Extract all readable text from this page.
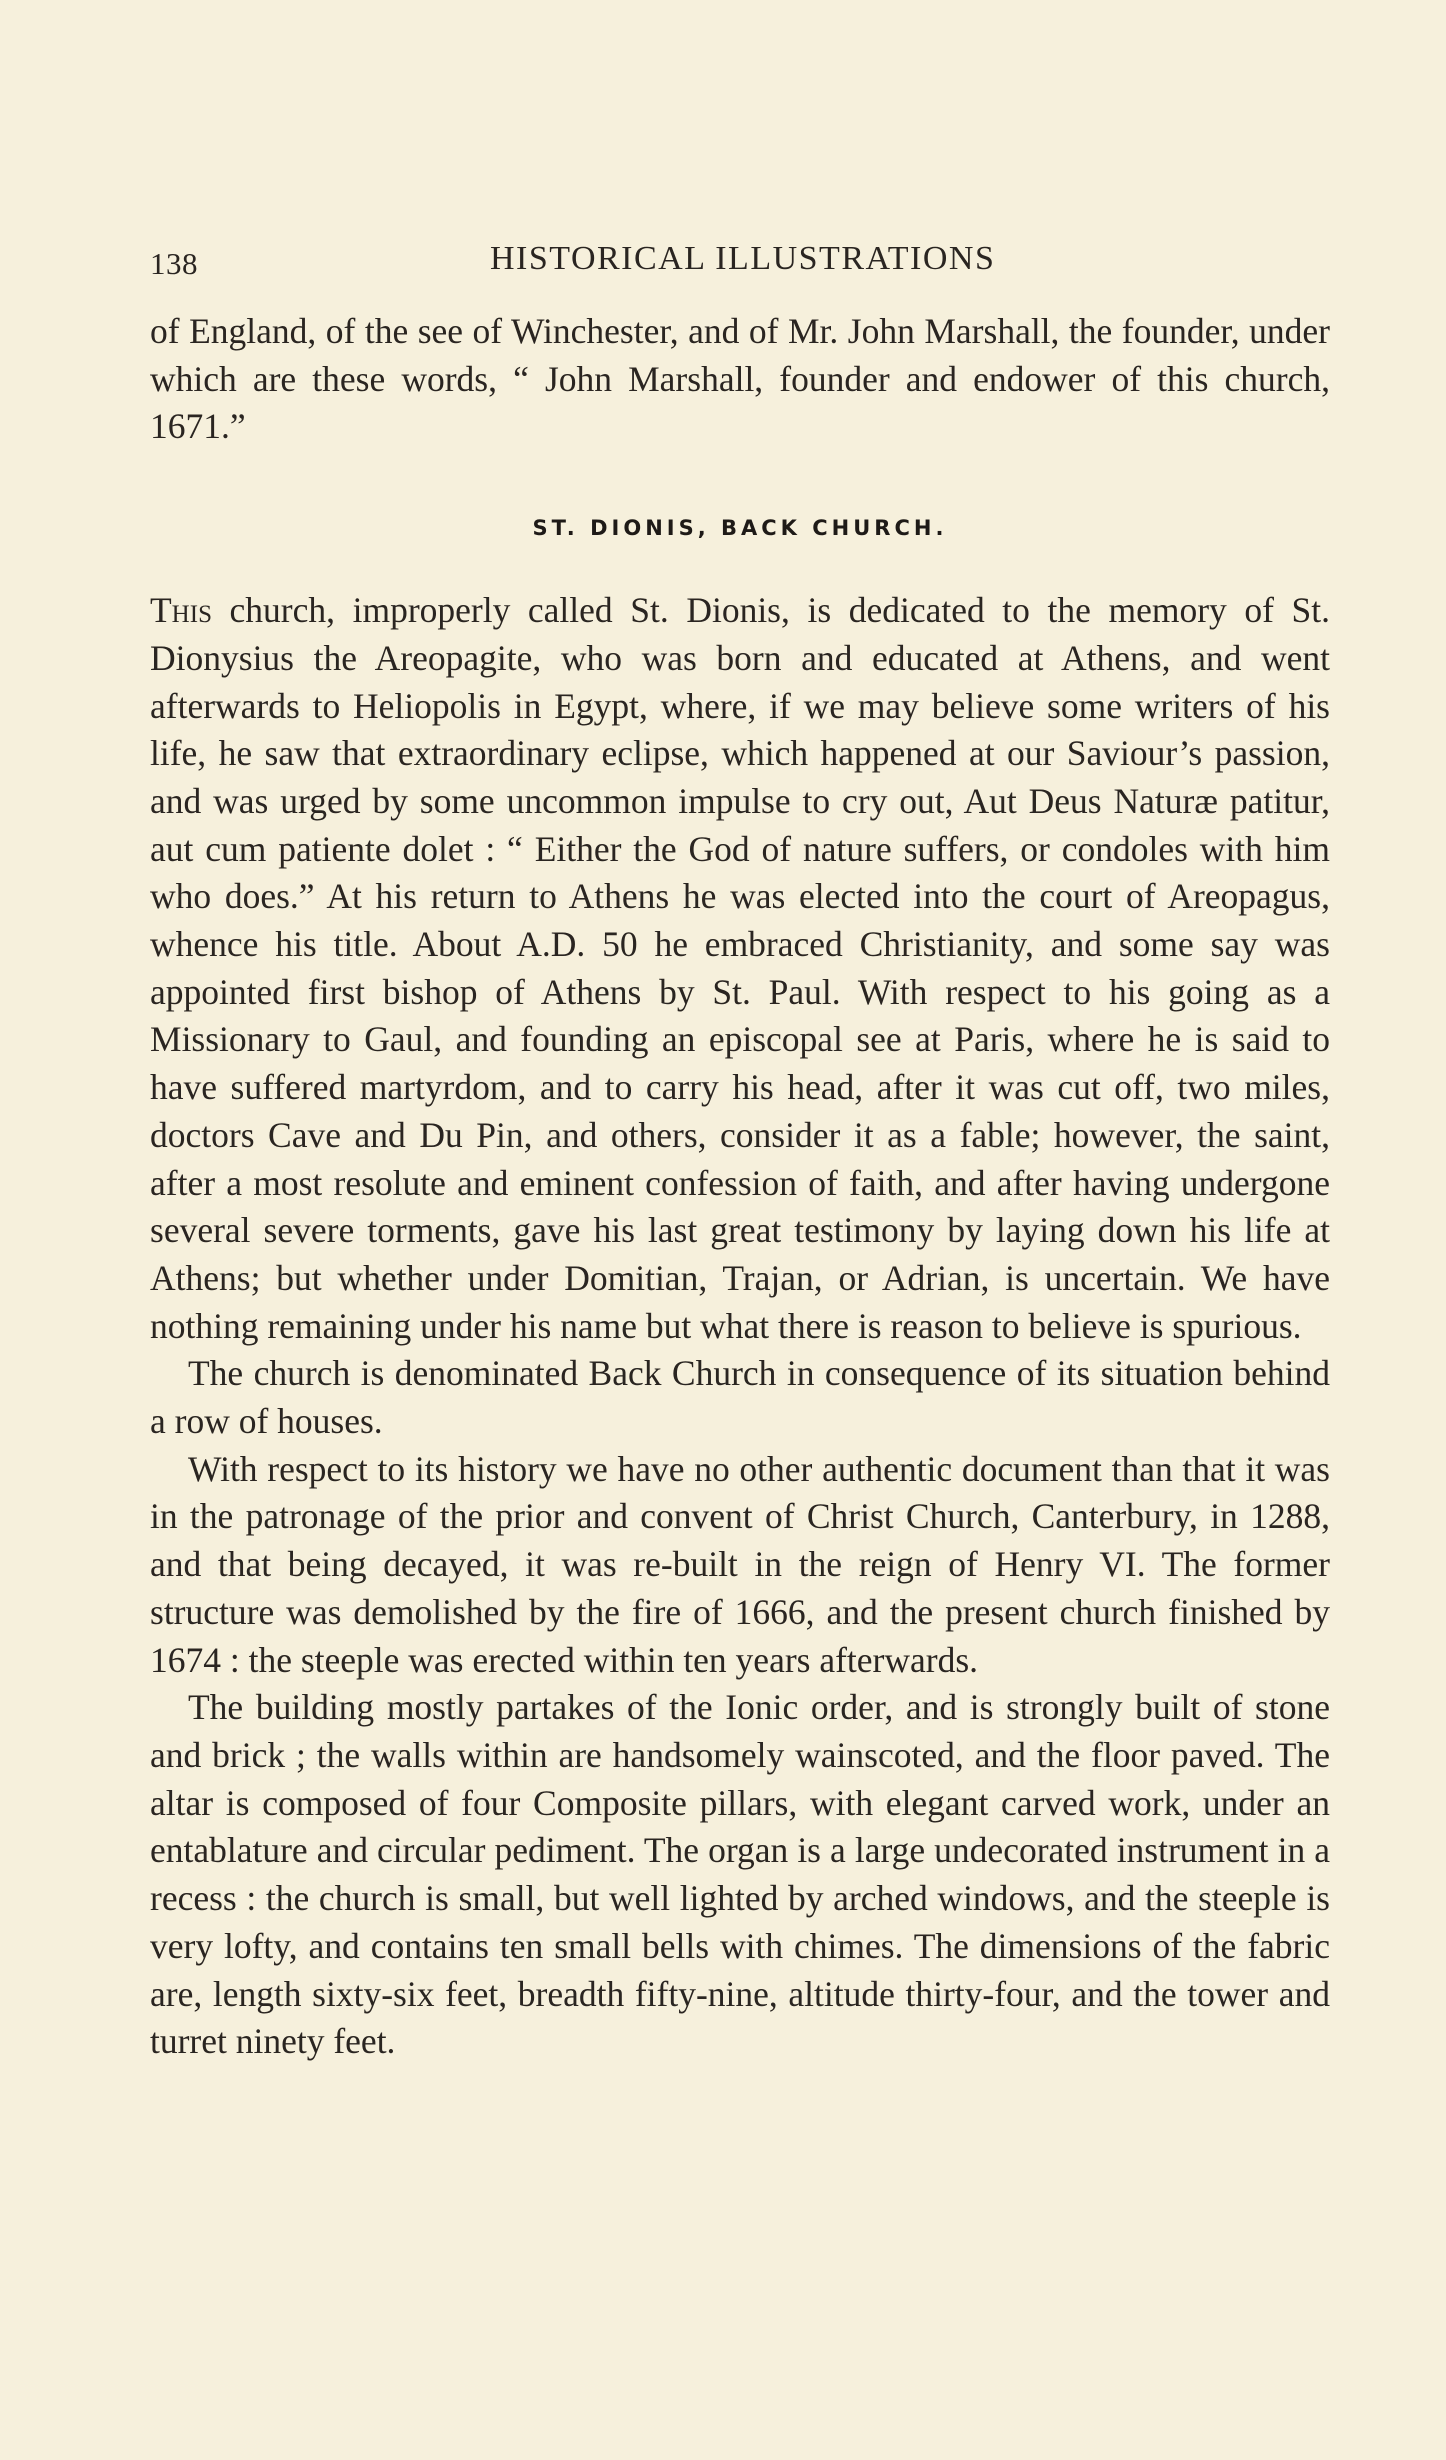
138	HISTORICAL ILLUSTRATIONS

of England, of the see of Winchester, and of Mr. John Marshall, the founder, under which are these words, “ John Marshall, founder and endower of this church, 1671.”

ST. DIONIS, BACK CHURCH.

This church, improperly called St. Dionis, is dedicated to the memory of St. Dionysius the Areopagite, who was born and educated at Athens, and went afterwards to Heliopolis in Egypt, where, if we may believe some writers of his life, he saw that extraordinary eclipse, which happened at our Saviour’s passion, and was urged by some uncommon impulse to cry out, Aut Deus Naturæ patitur, aut cum patiente dolet : “ Either the God of nature suffers, or condoles with him who does.” At his return to Athens he was elected into the court of Areopagus, whence his title. About A.D. 50 he embraced Christianity, and some say was appointed first bishop of Athens by St. Paul. With respect to his going as a Missionary to Gaul, and founding an episcopal see at Paris, where he is said to have suffered martyrdom, and to carry his head, after it was cut off, two miles, doctors Cave and Du Pin, and others, consider it as a fable; however, the saint, after a most resolute and eminent confession of faith, and after having undergone several severe torments, gave his last great testimony by laying down his life at Athens; but whether under Domitian, Trajan, or Adrian, is uncertain. We have nothing remaining under his name but what there is reason to believe is spurious.

The church is denominated Back Church in consequence of its situation behind a row of houses.

With respect to its history we have no other authentic document than that it was in the patronage of the prior and convent of Christ Church, Canterbury, in 1288, and that being decayed, it was re-built in the reign of Henry VI. The former structure was demolished by the fire of 1666, and the present church finished by 1674 : the steeple was erected within ten years afterwards.

The building mostly partakes of the Ionic order, and is strongly built of stone and brick ; the walls within are handsomely wainscoted, and the floor paved. The altar is composed of four Composite pillars, with elegant carved work, under an entablature and circular pediment. The organ is a large undecorated instrument in a recess : the church is small, but well lighted by arched windows, and the steeple is very lofty, and contains ten small bells with chimes. The dimensions of the fabric are, length sixty-six feet, breadth fifty-nine, altitude thirty-four, and the tower and turret ninety feet.
